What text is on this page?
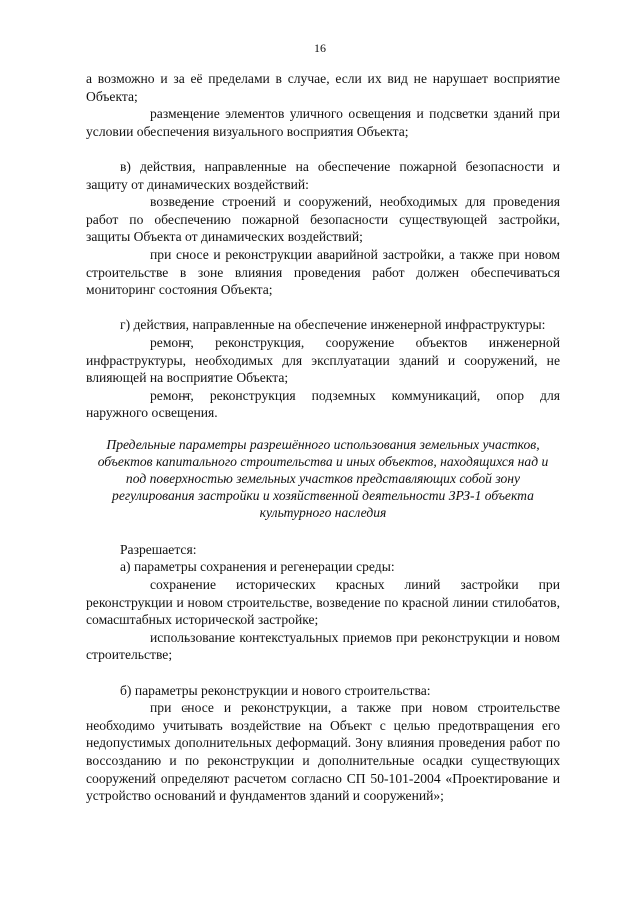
16

а возможно и за её пределами в случае, если их вид не нарушает восприятие Объекта;

- размещение элементов уличного освещения и подсветки зданий при условии обеспечения визуального восприятия Объекта;

в) действия, направленные на обеспечение пожарной безопасности и защиту от динамических воздействий:

- возведение строений и сооружений, необходимых для проведения работ по обеспечению пожарной безопасности существующей застройки, защиты Объекта от динамических воздействий;

- при сносе и реконструкции аварийной застройки, а также при новом строительстве в зоне влияния проведения работ должен обеспечиваться мониторинг состояния Объекта;

г) действия, направленные на обеспечение инженерной инфраструктуры:

- ремонт, реконструкция, сооружение объектов инженерной инфраструктуры, необходимых для эксплуатации зданий и сооружений, не влияющей на восприятие Объекта;

- ремонт, реконструкция подземных коммуникаций, опор для наружного освещения.

Предельные параметры разрешённого использования земельных участков, объектов капитального строительства и иных объектов, находящихся над и под поверхностью земельных участков представляющих собой зону регулирования застройки и хозяйственной деятельности ЗРЗ-1 объекта культурного наследия

Разрешается:

а) параметры сохранения и регенерации среды:

- сохранение исторических красных линий застройки при реконструкции и новом строительстве, возведение по красной линии стилобатов, сомасштабных исторической застройке;

- использование контекстуальных приемов при реконструкции и новом строительстве;

б) параметры реконструкции и нового строительства:

- при сносе и реконструкции, а также при новом строительстве необходимо учитывать воздействие на Объект с целью предотвращения его недопустимых дополнительных деформаций. Зону влияния проведения работ по воссозданию и по реконструкции и дополнительные осадки существующих сооружений определяют расчетом согласно СП 50-101-2004 «Проектирование и устройство оснований и фундаментов зданий и сооружений»;
